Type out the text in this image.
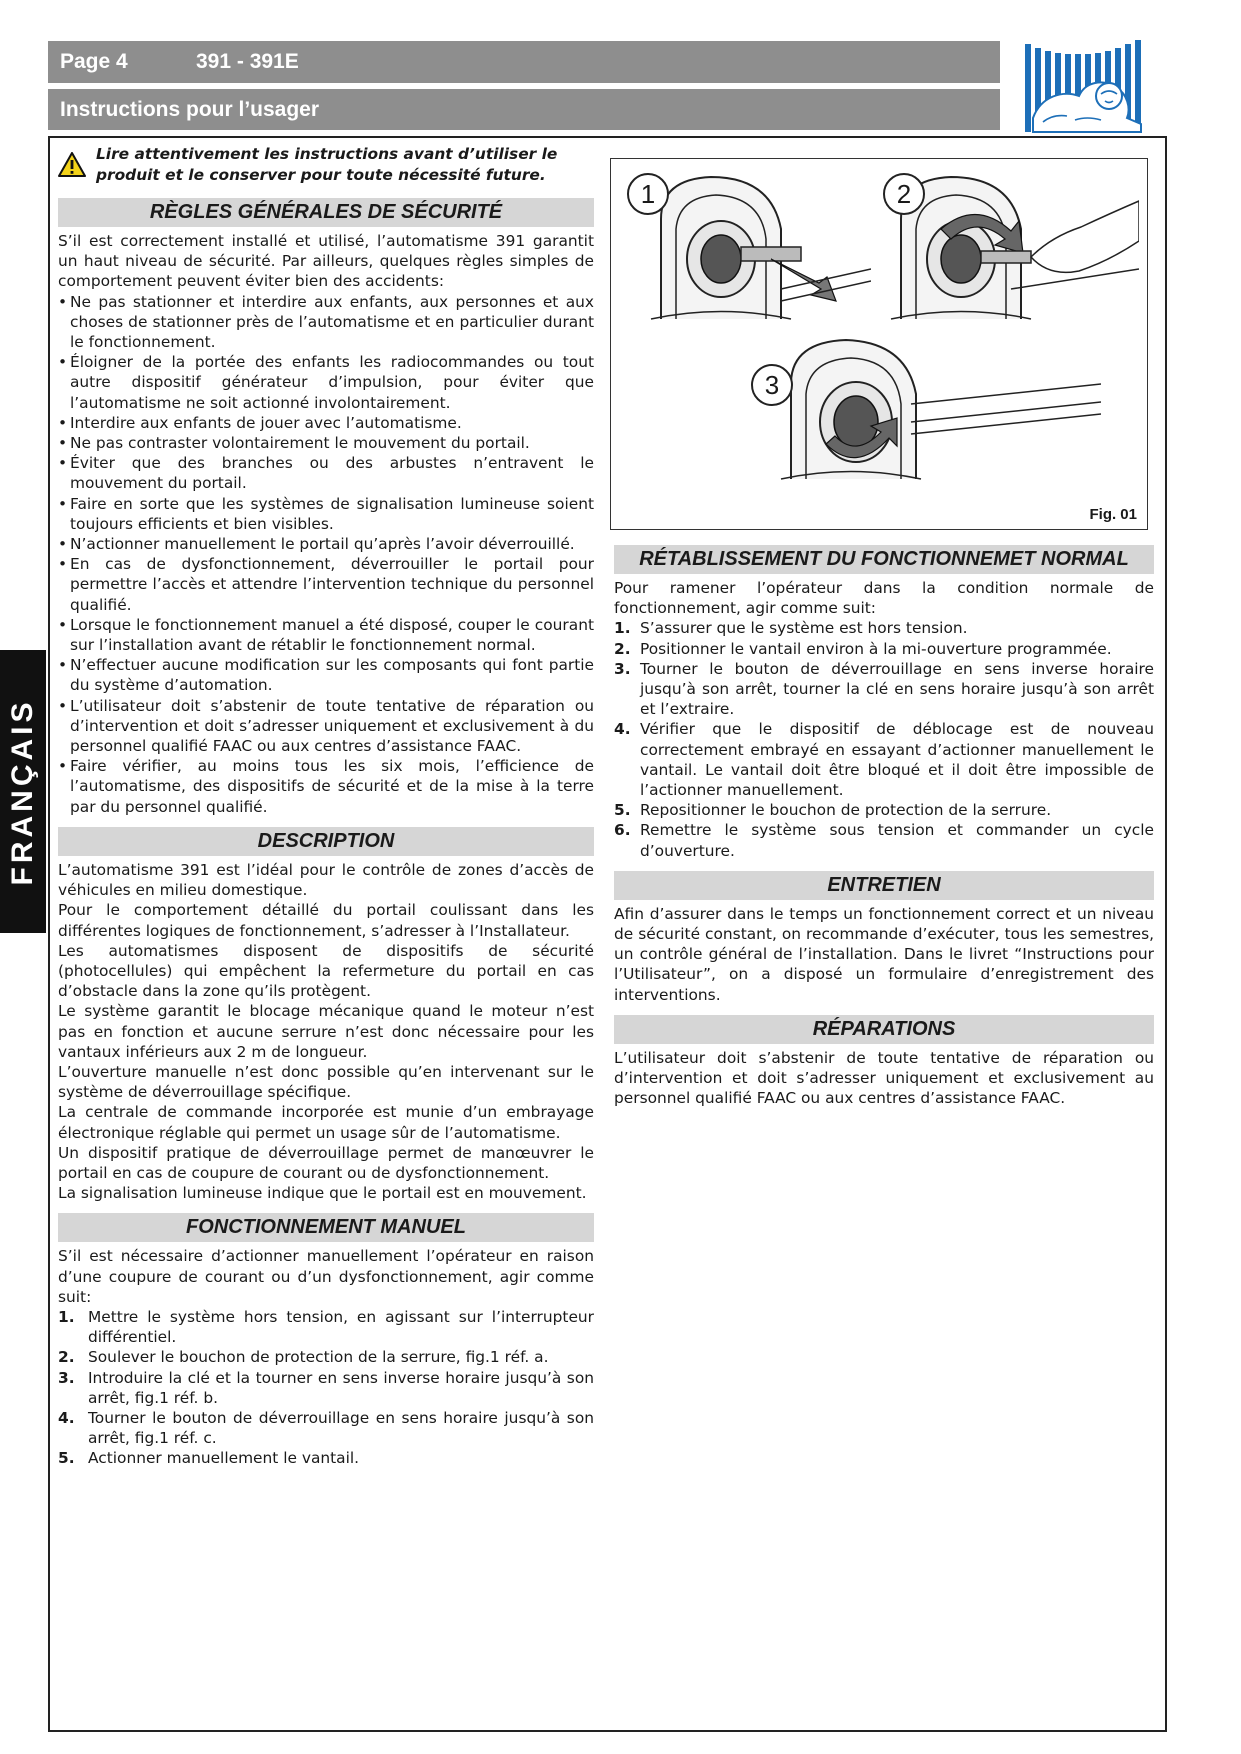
Page 4	391 - 391E
Instructions pour l’usager
FRANÇAIS
Lire attentivement les instructions avant d’utiliser le produit et le conserver pour toute nécessité future.
RÈGLES GÉNÉRALES DE SÉCURITÉ

S’il est correctement installé et utilisé, l’automatisme 391 garantit un haut niveau de sécurité. Par ailleurs, quelques règles simples de comportement peuvent éviter bien des accidents:

• Ne pas stationner et interdire aux enfants, aux personnes et aux choses de stationner près de l’automatisme et en particulier durant le fonctionnement.
• Éloigner de la portée des enfants les radiocommandes ou tout autre dispositif générateur d’impulsion, pour éviter que l’automatisme ne soit actionné involontairement.
• Interdire aux enfants de jouer avec l’automatisme.
• Ne pas contraster volontairement le mouvement du portail.
• Éviter que des branches ou des arbustes n’entravent le mouvement du portail.
• Faire en sorte que les systèmes de signalisation lumineuse soient toujours efficients et bien visibles.
• N’actionner manuellement le portail qu’après l’avoir déverrouillé.
• En cas de dysfonctionnement, déverrouiller le portail pour permettre l’accès et attendre l’intervention technique du personnel qualifié.
• Lorsque le fonctionnement manuel a été disposé, couper le courant sur l’installation avant de rétablir le fonctionnement normal.
• N’effectuer aucune modification sur les composants qui font partie du système d’automation.
• L’utilisateur doit s’abstenir de toute tentative de réparation ou d’intervention et doit s’adresser uniquement et exclusivement à du personnel qualifié FAAC ou aux centres d’assistance FAAC.
• Faire vérifier, au moins tous les six mois, l’efficience de l’automatisme, des dispositifs de sécurité et de la mise à la terre par du personnel qualifié.
DESCRIPTION

L’automatisme 391 est l’idéal pour le contrôle de zones d’accès de véhicules en milieu domestique.

Pour le comportement détaillé du portail coulissant dans les différentes logiques de fonctionnement, s’adresser à l’Installateur.

Les automatismes disposent de dispositifs de sécurité (photocellules) qui empêchent la refermeture du portail en cas d’obstacle dans la zone qu’ils protègent.

Le système garantit le blocage mécanique quand le moteur n’est pas en fonction et aucune serrure n’est donc nécessaire pour les vantaux inférieurs aux 2 m de longueur.

L’ouverture manuelle n’est donc possible qu’en intervenant sur le système de déverrouillage spécifique.

La centrale de commande incorporée est munie d’un embrayage électronique réglable qui permet un usage sûr de l’automatisme.

Un dispositif pratique de déverrouillage permet de manœuvrer le portail en cas de coupure de courant ou de dysfonctionnement.

La signalisation lumineuse indique que le portail est en mouvement.

FONCTIONNEMENT MANUEL

S’il est nécessaire d’actionner manuellement l’opérateur en raison d’une coupure de courant ou d’un dysfonctionnement, agir comme suit:

1. Mettre le système hors tension, en agissant sur l’interrupteur différentiel.
2. Soulever le bouchon de protection de la serrure, fig.1 réf. a.
3. Introduire la clé et la tourner en sens inverse horaire jusqu’à son arrêt, fig.1 réf. b.
4. Tourner le bouton de déverrouillage en sens horaire jusqu’à son arrêt, fig.1 réf. c.
5. Actionner manuellement le vantail.
1	2
3
Fig. 01
RÉTABLISSEMENT DU FONCTIONNEMET NORMAL

Pour ramener l’opérateur dans la condition normale de fonctionnement, agir comme suit:

1. S’assurer que le système est hors tension.
2. Positionner le vantail environ à la mi-ouverture programmée.
3. Tourner le bouton de déverrouillage en sens inverse horaire jusqu’à son arrêt, tourner la clé en sens horaire jusqu’à son arrêt et l’extraire.
4. Vérifier que le dispositif de déblocage est de nouveau correctement embrayé en essayant d’actionner manuellement le vantail. Le vantail doit être bloqué et il doit être impossible de l’actionner manuellement.
5. Repositionner le bouchon de protection de la serrure.
6. Remettre le système sous tension et commander un cycle d’ouverture.
ENTRETIEN

Afin d’assurer dans le temps un fonctionnement correct et un niveau de sécurité constant, on recommande d’exécuter, tous les semestres, un contrôle général de l’installation. Dans le livret “Instructions pour l’Utilisateur”, on a disposé un formulaire d’enregistrement des interventions.

RÉPARATIONS

L’utilisateur doit s’abstenir de toute tentative de réparation ou d’intervention et doit s’adresser uniquement et exclusivement au personnel qualifié FAAC ou aux centres d’assistance FAAC.
